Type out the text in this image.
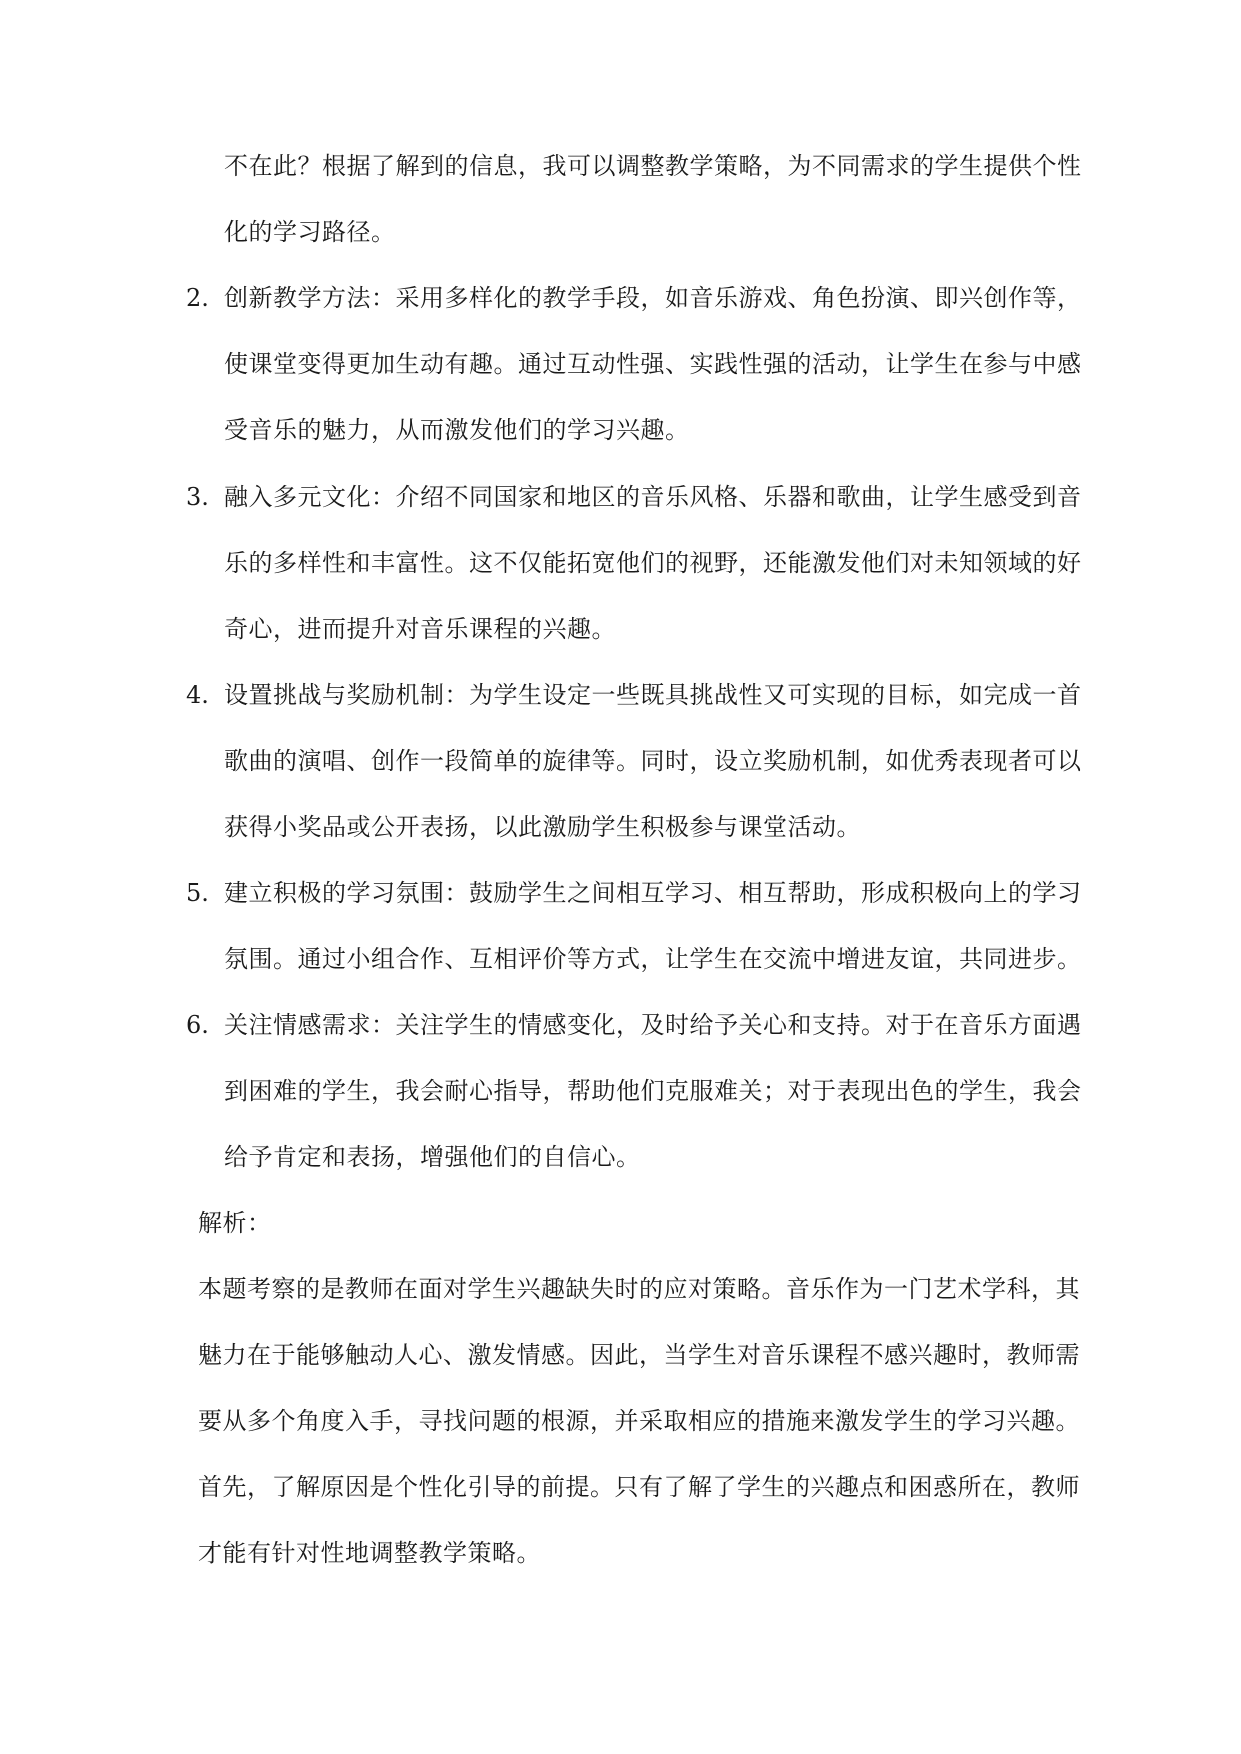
不在此？根据了解到的信息，我可以调整教学策略，为不同需求的学生提供个性
化的学习路径。
2. 创新教学方法：采用多样化的教学手段，如音乐游戏、角色扮演、即兴创作等，
使课堂变得更加生动有趣。通过互动性强、实践性强的活动，让学生在参与中感
受音乐的魅力，从而激发他们的学习兴趣。
3. 融入多元文化：介绍不同国家和地区的音乐风格、乐器和歌曲，让学生感受到音
乐的多样性和丰富性。这不仅能拓宽他们的视野，还能激发他们对未知领域的好
奇心，进而提升对音乐课程的兴趣。
4. 设置挑战与奖励机制：为学生设定一些既具挑战性又可实现的目标，如完成一首
歌曲的演唱、创作一段简单的旋律等。同时，设立奖励机制，如优秀表现者可以
获得小奖品或公开表扬，以此激励学生积极参与课堂活动。
5. 建立积极的学习氛围：鼓励学生之间相互学习、相互帮助，形成积极向上的学习
氛围。通过小组合作、互相评价等方式，让学生在交流中增进友谊，共同进步。
6. 关注情感需求：关注学生的情感变化，及时给予关心和支持。对于在音乐方面遇
到困难的学生，我会耐心指导，帮助他们克服难关；对于表现出色的学生，我会
给予肯定和表扬，增强他们的自信心。
解析：
本题考察的是教师在面对学生兴趣缺失时的应对策略。音乐作为一门艺术学科，其
魅力在于能够触动人心、激发情感。因此，当学生对音乐课程不感兴趣时，教师需
要从多个角度入手，寻找问题的根源，并采取相应的措施来激发学生的学习兴趣。
首先，了解原因是个性化引导的前提。只有了解了学生的兴趣点和困惑所在，教师
才能有针对性地调整教学策略。
